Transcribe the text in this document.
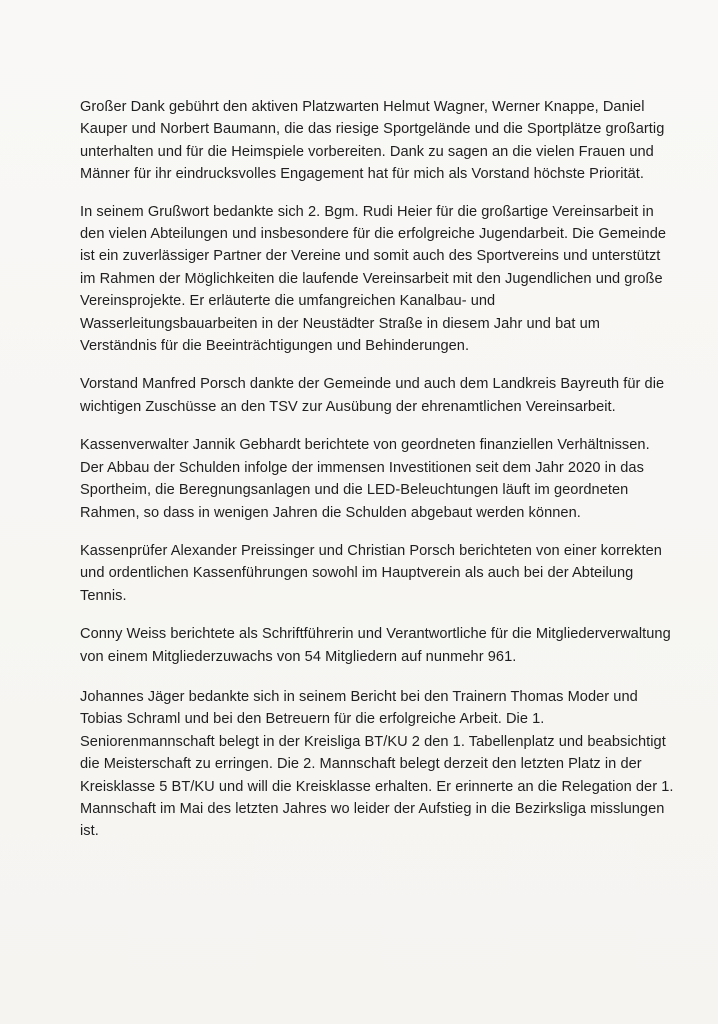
Großer Dank gebührt den aktiven Platzwarten Helmut Wagner, Werner Knappe, Daniel Kauper und Norbert Baumann, die das riesige Sportgelände und die Sportplätze großartig unterhalten und für die Heimspiele vorbereiten. Dank zu sagen an die vielen Frauen und Männer für ihr eindrucksvolles Engagement hat für mich als Vorstand höchste Priorität.

In seinem Grußwort bedankte sich 2. Bgm. Rudi Heier für die großartige Vereinsarbeit in den vielen Abteilungen und insbesondere für die erfolgreiche Jugendarbeit. Die Gemeinde ist ein zuverlässiger Partner der Vereine und somit auch des Sportvereins und unterstützt im Rahmen der Möglichkeiten die laufende Vereinsarbeit mit den Jugendlichen und große Vereinsprojekte. Er erläuterte die umfangreichen Kanalbau- und Wasserleitungsbauarbeiten in der Neustädter Straße in diesem Jahr und bat um Verständnis für die Beeinträchtigungen und Behinderungen.

Vorstand Manfred Porsch dankte der Gemeinde und auch dem Landkreis Bayreuth für die wichtigen Zuschüsse an den TSV zur Ausübung der ehrenamtlichen Vereinsarbeit.

Kassenverwalter Jannik Gebhardt berichtete von geordneten finanziellen Verhältnissen. Der Abbau der Schulden infolge der immensen Investitionen seit dem Jahr 2020 in das Sportheim, die Beregnungsanlagen und die LED-Beleuchtungen läuft im geordneten Rahmen, so dass in wenigen Jahren die Schulden abgebaut werden können.

Kassenprüfer Alexander Preissinger und Christian Porsch berichteten von einer korrekten und ordentlichen Kassenführungen sowohl im Hauptverein als auch bei der Abteilung Tennis.

Conny Weiss berichtete als Schriftführerin und Verantwortliche für die Mitgliederverwaltung von einem Mitgliederzuwachs von 54 Mitgliedern auf nunmehr 961.

Johannes Jäger bedankte sich in seinem Bericht bei den Trainern Thomas Moder und Tobias Schraml und bei den Betreuern für die erfolgreiche Arbeit. Die 1. Seniorenmannschaft belegt in der Kreisliga BT/KU 2 den 1. Tabellenplatz und beabsichtigt die Meisterschaft zu erringen. Die 2. Mannschaft belegt derzeit den letzten Platz in der Kreisklasse 5 BT/KU und will die Kreisklasse erhalten. Er erinnerte an die Relegation der 1. Mannschaft im Mai des letzten Jahres wo leider der Aufstieg in die Bezirksliga misslungen ist.
